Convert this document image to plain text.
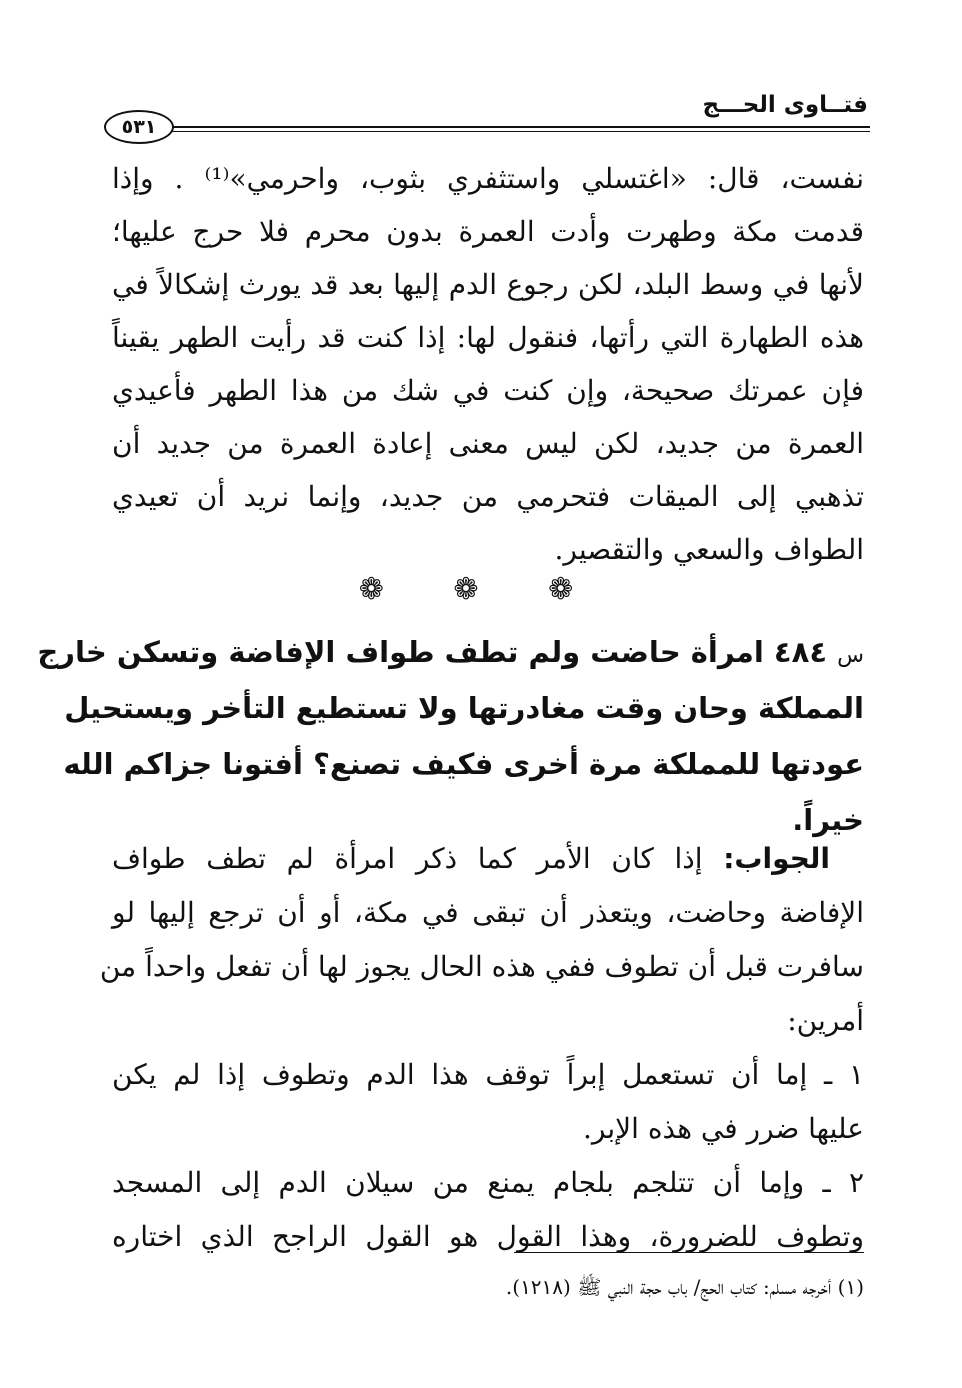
فتــاوى الحـــج
٥٣١
نفست، قال: «اغتسلي واستثفري بثوب، واحرمي»⁽¹⁾ . وإذا
قدمت مكة وطهرت وأدت العمرة بدون محرم فلا حرج عليها؛
لأنها في وسط البلد، لكن رجوع الدم إليها بعد قد يورث إشكالاً في
هذه الطهارة التي رأتها، فنقول لها: إذا كنت قد رأيت الطهر يقيناً
فإن عمرتك صحيحة، وإن كنت في شك من هذا الطهر فأعيدي
العمرة من جديد، لكن ليس معنى إعادة العمرة من جديد أن
تذهبي إلى الميقات فتحرمي من جديد، وإنما نريد أن تعيدي
الطواف والسعي والتقصير.
❁ ❁ ❁
س ٤٨٤ امرأة حاضت ولم تطف طواف الإفاضة وتسكن خارج
المملكة وحان وقت مغادرتها ولا تستطيع التأخر ويستحيل
عودتها للمملكة مرة أخرى فكيف تصنع؟ أفتونا جزاكم الله
خيراً.
الجواب: إذا كان الأمر كما ذكر امرأة لم تطف طواف
الإفاضة وحاضت، ويتعذر أن تبقى في مكة، أو أن ترجع إليها لو
سافرت قبل أن تطوف ففي هذه الحال يجوز لها أن تفعل واحداً من
أمرين:
١ ـ إما أن تستعمل إبراً توقف هذا الدم وتطوف إذا لم يكن
عليها ضرر في هذه الإبر.
٢ ـ وإما أن تتلجم بلجام يمنع من سيلان الدم إلى المسجد
وتطوف للضرورة، وهذا القول هو القول الراجح الذي اختاره
(١) أخرجه مسلم: كتاب الحج/ باب حجة النبي ﷺ (١٢١٨).
